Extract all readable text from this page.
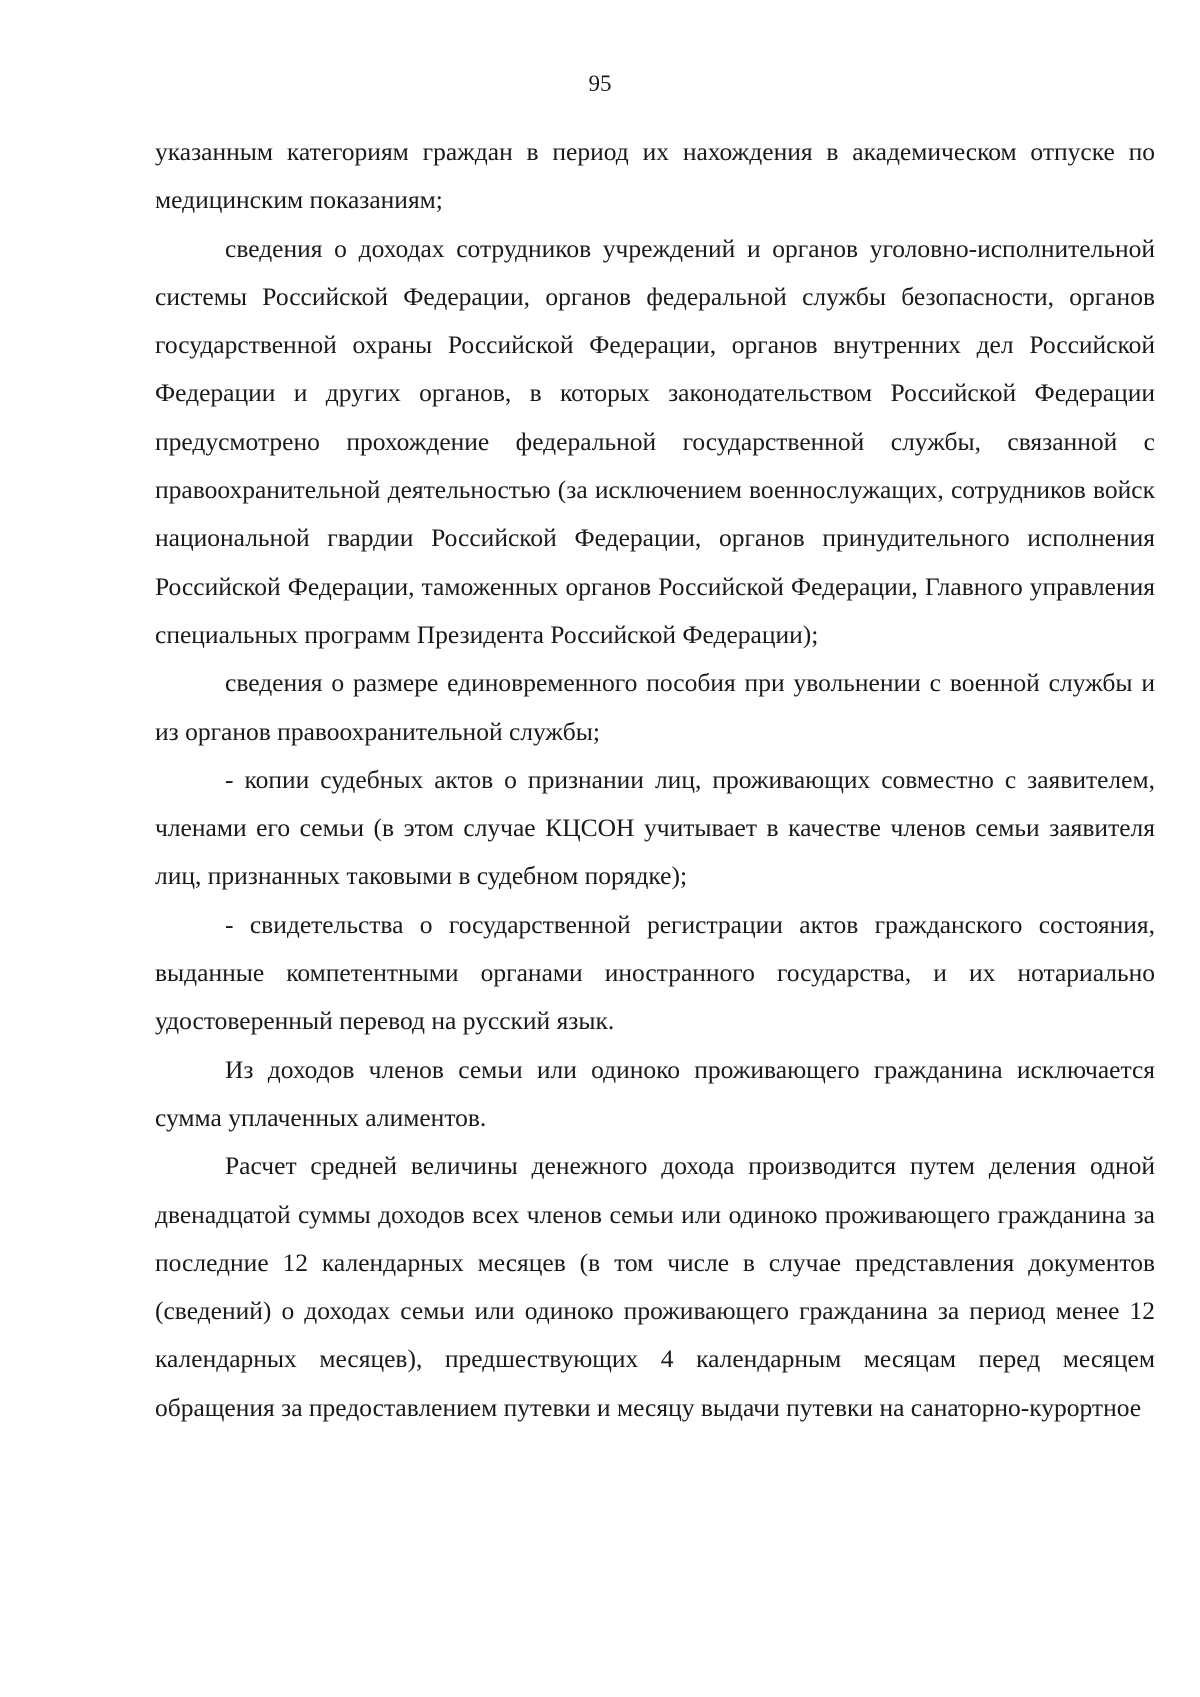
95

указанным категориям граждан в период их нахождения в академическом отпуске по медицинским показаниям;

сведения о доходах сотрудников учреждений и органов уголовно-исполнительной системы Российской Федерации, органов федеральной службы безопасности, органов государственной охраны Российской Федерации, органов внутренних дел Российской Федерации и других органов, в которых законодательством Российской Федерации предусмотрено прохождение федеральной государственной службы, связанной с правоохранительной деятельностью (за исключением военнослужащих, сотрудников войск национальной гвардии Российской Федерации, органов принудительного исполнения Российской Федерации, таможенных органов Российской Федерации, Главного управления специальных программ Президента Российской Федерации);

сведения о размере единовременного пособия при увольнении с военной службы и из органов правоохранительной службы;

- копии судебных актов о признании лиц, проживающих совместно с заявителем, членами его семьи (в этом случае КЦСОН учитывает в качестве членов семьи заявителя лиц, признанных таковыми в судебном порядке);

- свидетельства о государственной регистрации актов гражданского состояния, выданные компетентными органами иностранного государства, и их нотариально удостоверенный перевод на русский язык.

Из доходов членов семьи или одиноко проживающего гражданина исключается сумма уплаченных алиментов.

Расчет средней величины денежного дохода производится путем деления одной двенадцатой суммы доходов всех членов семьи или одиноко проживающего гражданина за последние 12 календарных месяцев (в том числе в случае представления документов (сведений) о доходах семьи или одиноко проживающего гражданина за период менее 12 календарных месяцев), предшествующих 4 календарным месяцам перед месяцем обращения за предоставлением путевки и месяцу выдачи путевки на санаторно-курортное
